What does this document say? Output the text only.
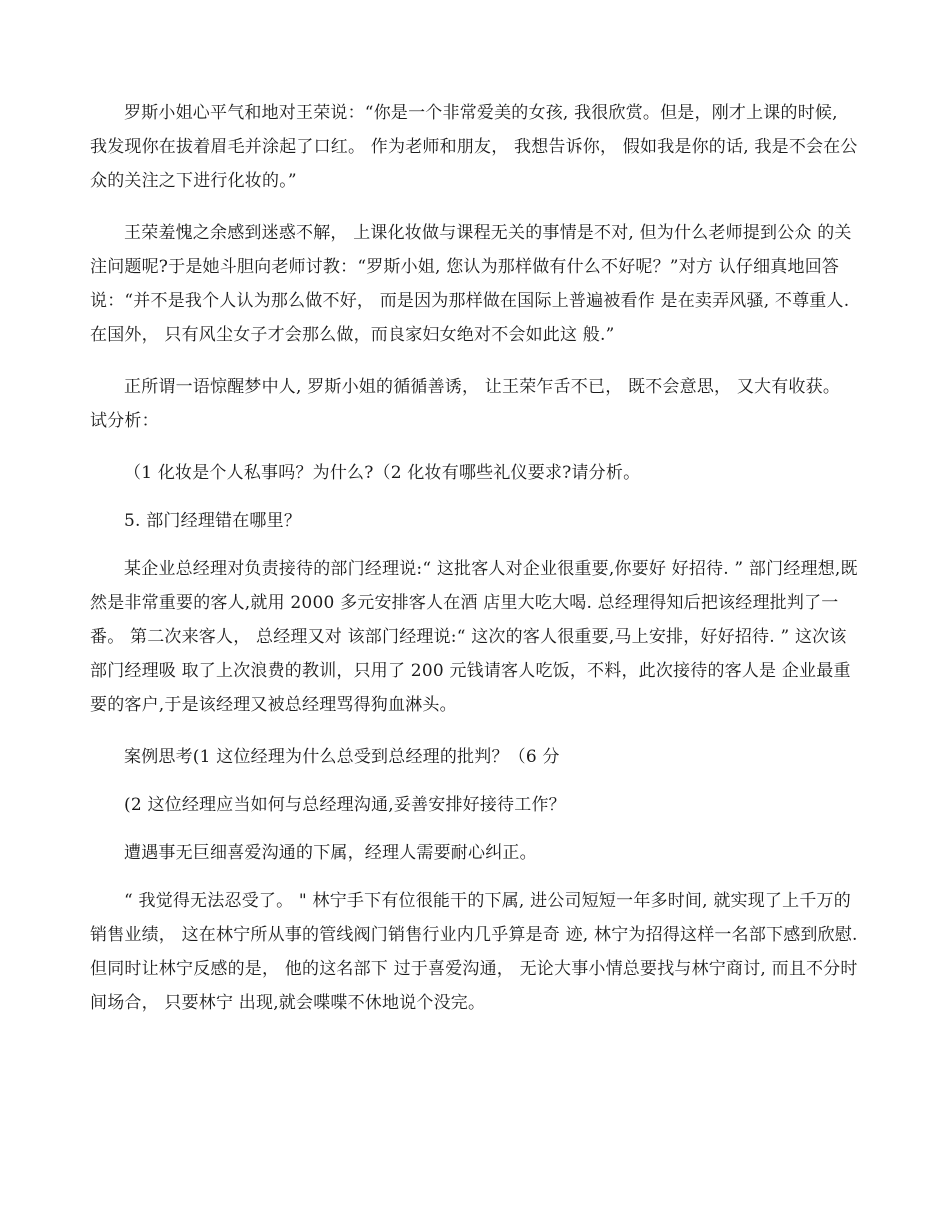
罗斯小姐心平气和地对王荣说：“你是一个非常爱美的女孩, 我很欣赏。但是，刚才上课的时候, 我发现你在拔着眉毛并涂起了口红。 作为老师和朋友， 我想告诉你， 假如我是你的话, 我是不会在公众的关注之下进行化妆的。”

王荣羞愧之余感到迷惑不解， 上课化妆做与课程无关的事情是不对, 但为什么老师提到公众 的关注问题呢?于是她斗胆向老师讨教：“罗斯小姐, 您认为那样做有什么不好呢？”对方 认仔细真地回答说：“并不是我个人认为那么做不好， 而是因为那样做在国际上普遍被看作 是在卖弄风骚, 不尊重人.在国外， 只有风尘女子才会那么做，而良家妇女绝对不会如此这 般.”

正所谓一语惊醒梦中人, 罗斯小姐的循循善诱， 让王荣乍舌不已， 既不会意思， 又大有收获。 试分析：

（1 化妆是个人私事吗？为什么?（2 化妆有哪些礼仪要求?请分析。

5. 部门经理错在哪里？

某企业总经理对负责接待的部门经理说:“ 这批客人对企业很重要,你要好 好招待. ” 部门经理想,既然是非常重要的客人,就用 2000 多元安排客人在酒 店里大吃大喝. 总经理得知后把该经理批判了一番。 第二次来客人， 总经理又对 该部门经理说:“ 这次的客人很重要,马上安排，好好招待. ” 这次该部门经理吸 取了上次浪费的教训，只用了 200 元钱请客人吃饭，不料，此次接待的客人是 企业最重要的客户,于是该经理又被总经理骂得狗血淋头。

案例思考(1 这位经理为什么总受到总经理的批判？（6 分

(2 这位经理应当如何与总经理沟通,妥善安排好接待工作？

遭遇事无巨细喜爱沟通的下属，经理人需要耐心纠正。

“ 我觉得无法忍受了。 " 林宁手下有位很能干的下属, 进公司短短一年多时间, 就实现了上千万的销售业绩， 这在林宁所从事的管线阀门销售行业内几乎算是奇 迹, 林宁为招得这样一名部下感到欣慰. 但同时让林宁反感的是， 他的这名部下 过于喜爱沟通， 无论大事小情总要找与林宁商讨, 而且不分时间场合， 只要林宁 出现,就会喋喋不休地说个没完。
